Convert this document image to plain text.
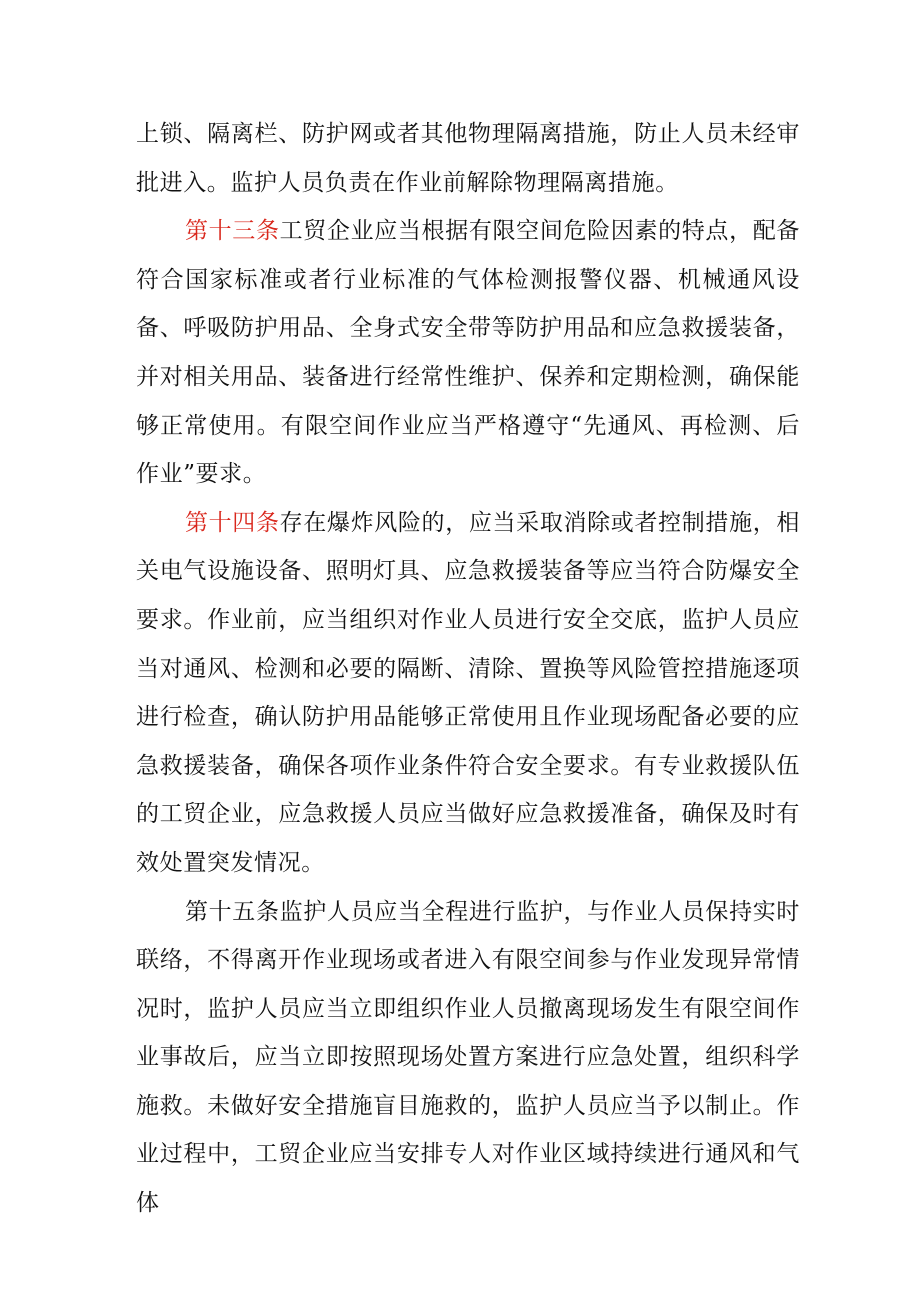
上锁、隔离栏、防护网或者其他物理隔离措施，防止人员未经审批进入。监护人员负责在作业前解除物理隔离措施。

第十三条工贸企业应当根据有限空间危险因素的特点，配备符合国家标准或者行业标准的气体检测报警仪器、机械通风设备、呼吸防护用品、全身式安全带等防护用品和应急救援装备，并对相关用品、装备进行经常性维护、保养和定期检测，确保能够正常使用。有限空间作业应当严格遵守“先通风、再检测、后作业”要求。

第十四条存在爆炸风险的，应当采取消除或者控制措施，相关电气设施设备、照明灯具、应急救援装备等应当符合防爆安全要求。作业前，应当组织对作业人员进行安全交底，监护人员应当对通风、检测和必要的隔断、清除、置换等风险管控措施逐项进行检查，确认防护用品能够正常使用且作业现场配备必要的应急救援装备，确保各项作业条件符合安全要求。有专业救援队伍的工贸企业，应急救援人员应当做好应急救援准备，确保及时有效处置突发情况。

第十五条监护人员应当全程进行监护，与作业人员保持实时联络，不得离开作业现场或者进入有限空间参与作业发现异常情况时，监护人员应当立即组织作业人员撤离现场发生有限空间作业事故后，应当立即按照现场处置方案进行应急处置，组织科学施救。未做好安全措施盲目施救的，监护人员应当予以制止。作业过程中，工贸企业应当安排专人对作业区域持续进行通风和气体
